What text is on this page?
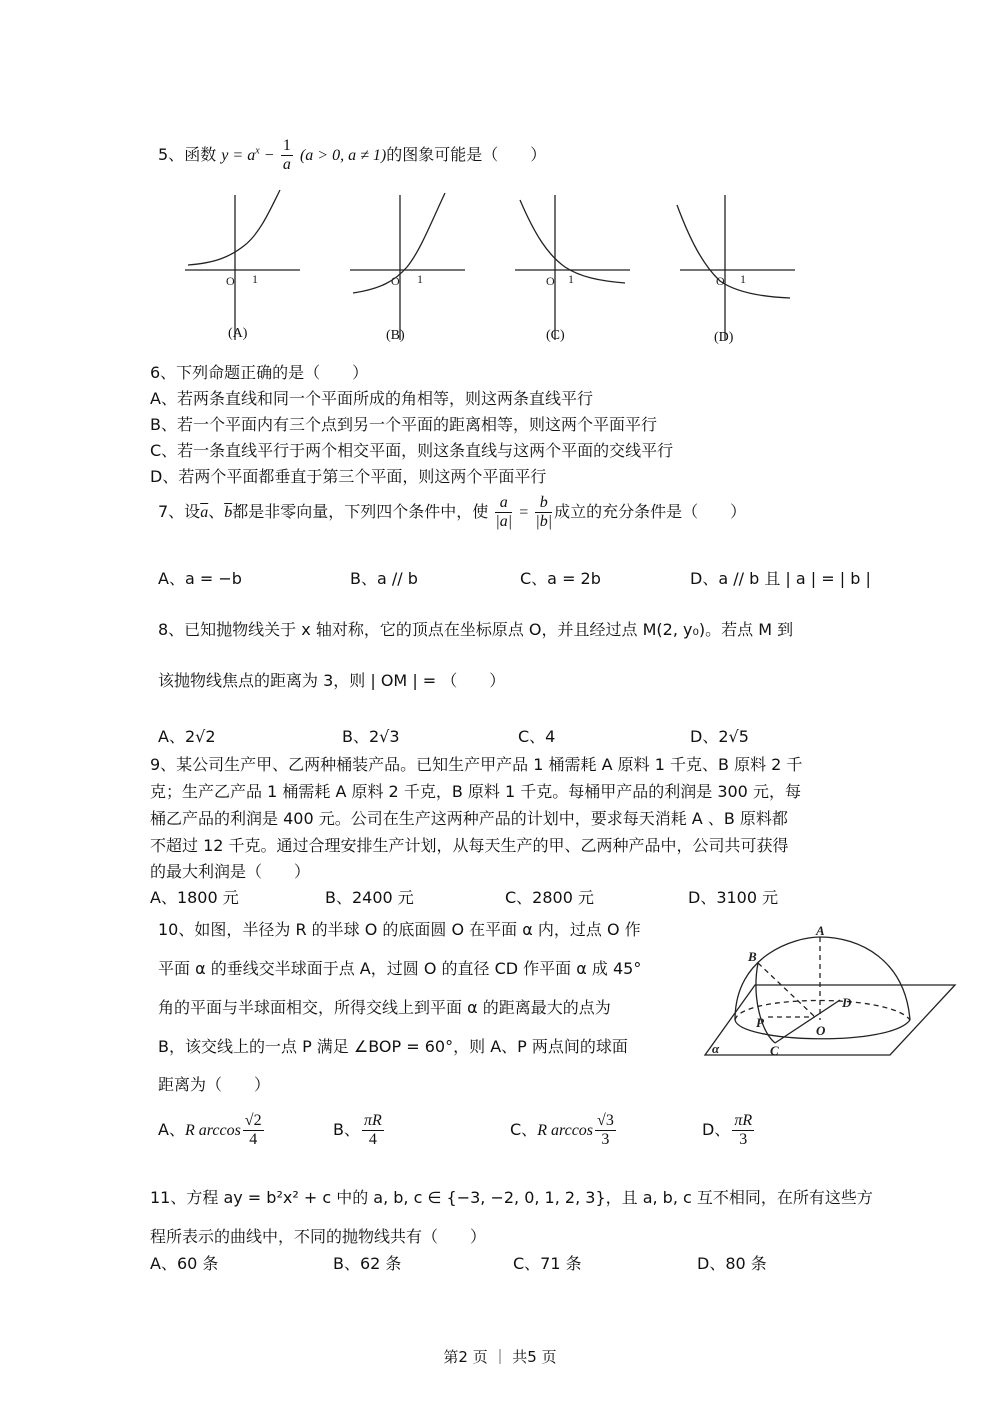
5、函数 $y = a^x - \frac{1}{a} (a > 0$, a ≠ 1)的图象可能是（　　）
O 1	O 1	O 1	O 1
(A)	(B)	(C)	(D)
6、下列命题正确的是（　　）
A、若两条直线和同一个平面所成的角相等，则这两条直线平行
B、若一个平面内有三个点到另一个平面的距离相等，则这两个平面平行
C、若一条直线平行于两个相交平面，则这条直线与这两个平面的交线平行
D、若两个平面都垂直于第三个平面，则这两个平面平行
7、设$\overline{a}$、$\overline{b}$都是非零向量，下列四个条件中，使 $\frac{a}{|a|} = \frac{b}{|b|}$ 成立的充分条件是（　　）
A、a = −b	B、a // b	C、a = 2b	D、a // b 且 | a | = | b |
8、已知抛物线关于 x 轴对称，它的顶点在坐标原点 O，并且经过点 M(2, y₀)。若点 M 到
该抛物线焦点的距离为 3，则 | OM | = （　　）
A、2√2	B、2√3	C、4	D、2√5
9、某公司生产甲、乙两种桶装产品。已知生产甲产品 1 桶需耗 A 原料 1 千克、B 原料 2 千
克；生产乙产品 1 桶需耗 A 原料 2 千克，B 原料 1 千克。每桶甲产品的利润是 300 元，每
桶乙产品的利润是 400 元。公司在生产这两种产品的计划中，要求每天消耗 A 、B 原料都
不超过 12 千克。通过合理安排生产计划，从每天生产的甲、乙两种产品中，公司共可获得
的最大利润是（　　）
A、1800 元	B、2400 元	C、2800 元	D、3100 元
10、如图，半径为 R 的半球 O 的底面圆 O 在平面 α 内，过点 O 作
平面 α 的垂线交半球面于点 A，过圆 O 的直径 CD 作平面 α 成 45°
角的平面与半球面相交，所得交线上到平面 α 的距离最大的点为
B，该交线上的一点 P 满足 ∠BOP = 60°，则 A、P 两点间的球面
距离为（　　）
A
B
C
D
O
P
α
A、R $\arccos \frac{√2}{4}$	B、 $\frac{\pi R}{4}$	C、R $\arccos \frac{√3}{3}$	D、 $\frac{\pi R}{3}$
11、方程 ay = b²x² + c 中的 a, b, c ∈ {−3, −2, 0, 1, 2, 3}，且 a, b, c 互不相同，在所有这些方
程所表示的曲线中，不同的抛物线共有（　　）
A、60 条	B、62 条	C、71 条	D、80 条
第2 页 ｜ 共5 页
